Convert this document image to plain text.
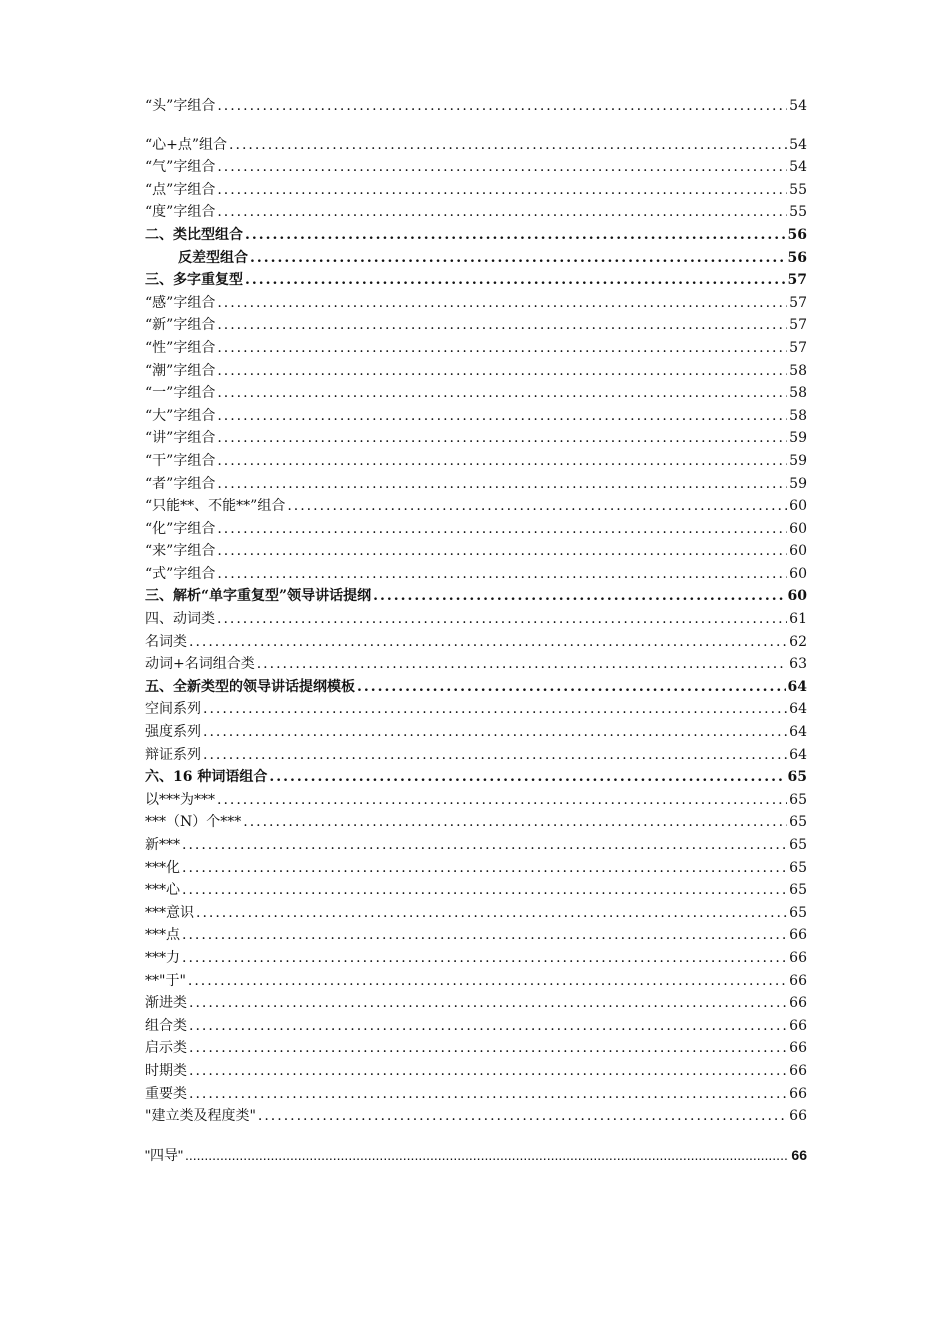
“头”字组合 .....	54
“心+点”组合 .....	54
“气”字组合 .....	54
“点”字组合 .....	55
“度”字组合 .....	55
二、类比型组合 .....	56
反差型组合 .....	56
三、多字重复型 .....	57
“感”字组合 .....	57
“新”字组合 .....	57
“性”字组合 .....	57
“潮”字组合 .....	58
“一”字组合 .....	58
“大”字组合 .....	58
“讲”字组合 .....	59
“干”字组合 .....	59
“者”字组合 .....	59
“只能**、不能**”组合 .....	60
“化”字组合 .....	60
“来”字组合 .....	60
“式”字组合 .....	60
三、解析“单字重复型”领导讲话提纲 .....	60
四、动词类 .....	61
名词类 .....	62
动词+名词组合类 .....	63
五、全新类型的领导讲话提纲模板 .....	64
空间系列 .....	64
强度系列 .....	64
辩证系列 .....	64
六、16 种词语组合 .....	65
以***为*** .....	65
***（N）个*** .....	65
新*** .....	65
***化 .....	65
***心 .....	65
***意识 .....	65
***点 .....	66
***力 .....	66
**"于" .....	66
渐进类 .....	66
组合类 .....	66
启示类 .....	66
时期类 .....	66
重要类 .....	66
"建立类及程度类" .....	66
"四导" .....	66
